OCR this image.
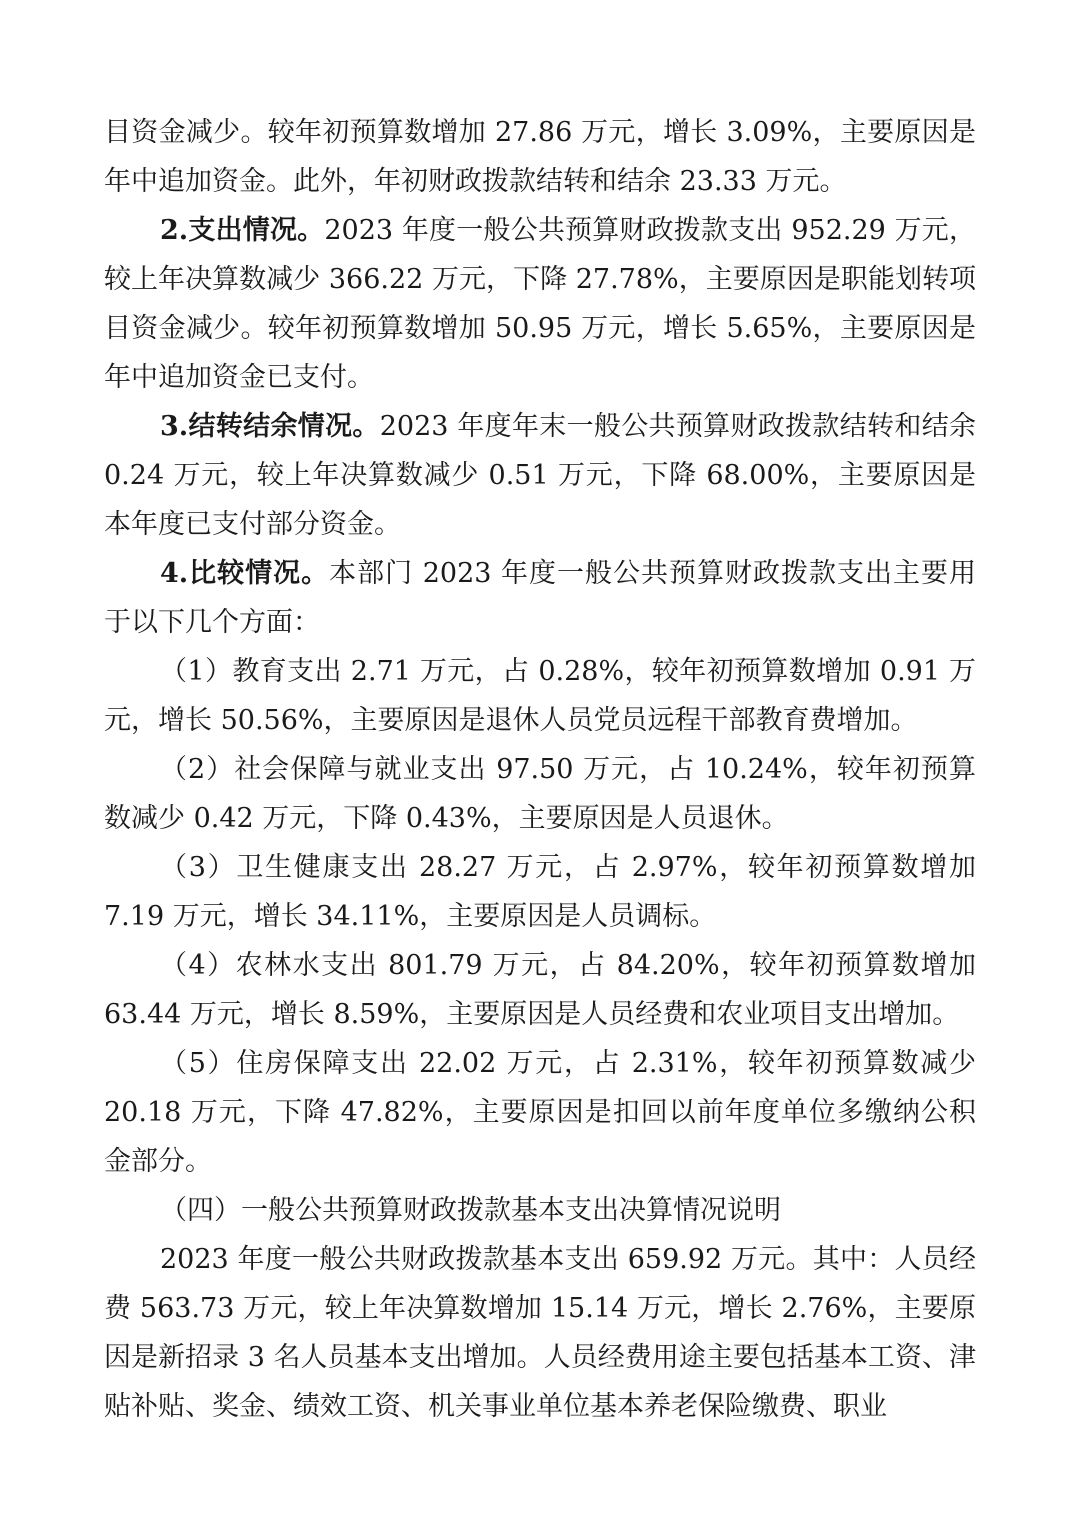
目资金减少。较年初预算数增加 27.86 万元，增长 3.09%，主要原因是年中追加资金。此外，年初财政拨款结转和结余 23.33 万元。

2.支出情况。2023 年度一般公共预算财政拨款支出 952.29 万元，较上年决算数减少 366.22 万元，下降 27.78%，主要原因是职能划转项目资金减少。较年初预算数增加 50.95 万元，增长 5.65%，主要原因是年中追加资金已支付。

3.结转结余情况。2023 年度年末一般公共预算财政拨款结转和结余 0.24 万元，较上年决算数减少 0.51 万元，下降 68.00%，主要原因是本年度已支付部分资金。

4.比较情况。本部门 2023 年度一般公共预算财政拨款支出主要用于以下几个方面：

（1）教育支出 2.71 万元，占 0.28%，较年初预算数增加 0.91 万元，增长 50.56%，主要原因是退休人员党员远程干部教育费增加。

（2）社会保障与就业支出 97.50 万元，占 10.24%，较年初预算数减少 0.42 万元，下降 0.43%，主要原因是人员退休。

（3）卫生健康支出 28.27 万元，占 2.97%，较年初预算数增加 7.19 万元，增长 34.11%，主要原因是人员调标。

（4）农林水支出 801.79 万元，占 84.20%，较年初预算数增加 63.44 万元，增长 8.59%，主要原因是人员经费和农业项目支出增加。

（5）住房保障支出 22.02 万元，占 2.31%，较年初预算数减少 20.18 万元，下降 47.82%，主要原因是扣回以前年度单位多缴纳公积金部分。

（四）一般公共预算财政拨款基本支出决算情况说明

2023 年度一般公共财政拨款基本支出 659.92 万元。其中：人员经费 563.73 万元，较上年决算数增加 15.14 万元，增长 2.76%，主要原因是新招录 3 名人员基本支出增加。人员经费用途主要包括基本工资、津贴补贴、奖金、绩效工资、机关事业单位基本养老保险缴费、职业
